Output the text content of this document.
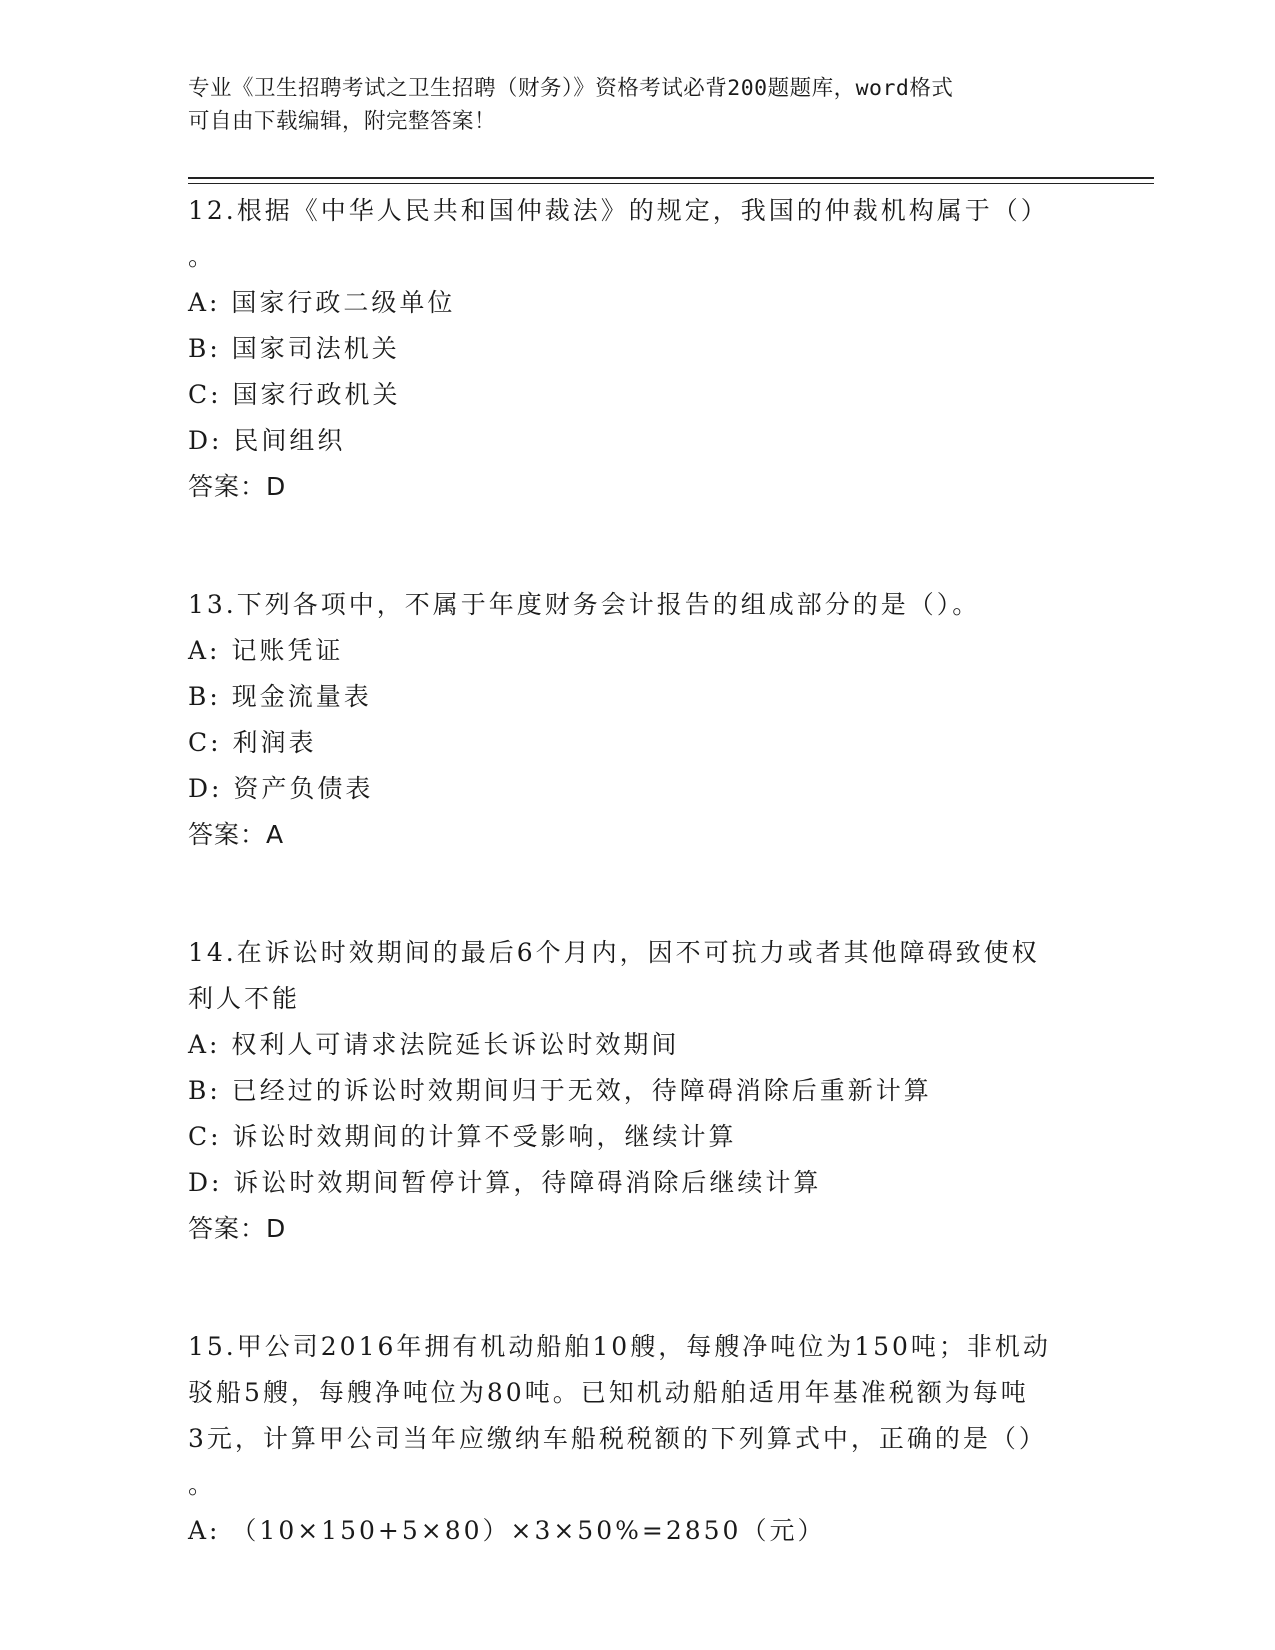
专业《卫生招聘考试之卫生招聘（财务）》资格考试必背200题题库，word格式
可自由下载编辑，附完整答案！
12.根据《中华人民共和国仲裁法》的规定，我国的仲裁机构属于（）
。
A: 国家行政二级单位
B: 国家司法机关
C: 国家行政机关
D: 民间组织
答案：D
13.下列各项中，不属于年度财务会计报告的组成部分的是（）。
A: 记账凭证
B: 现金流量表
C: 利润表
D: 资产负债表
答案：A
14.在诉讼时效期间的最后6个月内，因不可抗力或者其他障碍致使权
利人不能
A: 权利人可请求法院延长诉讼时效期间
B: 已经过的诉讼时效期间归于无效，待障碍消除后重新计算
C: 诉讼时效期间的计算不受影响，继续计算
D: 诉讼时效期间暂停计算，待障碍消除后继续计算
答案：D
15.甲公司2016年拥有机动船舶10艘，每艘净吨位为150吨；非机动
驳船5艘，每艘净吨位为80吨。已知机动船舶适用年基准税额为每吨
3元，计算甲公司当年应缴纳车船税税额的下列算式中，正确的是（）
。
A: （10×150+5×80）×3×50%=2850（元）
